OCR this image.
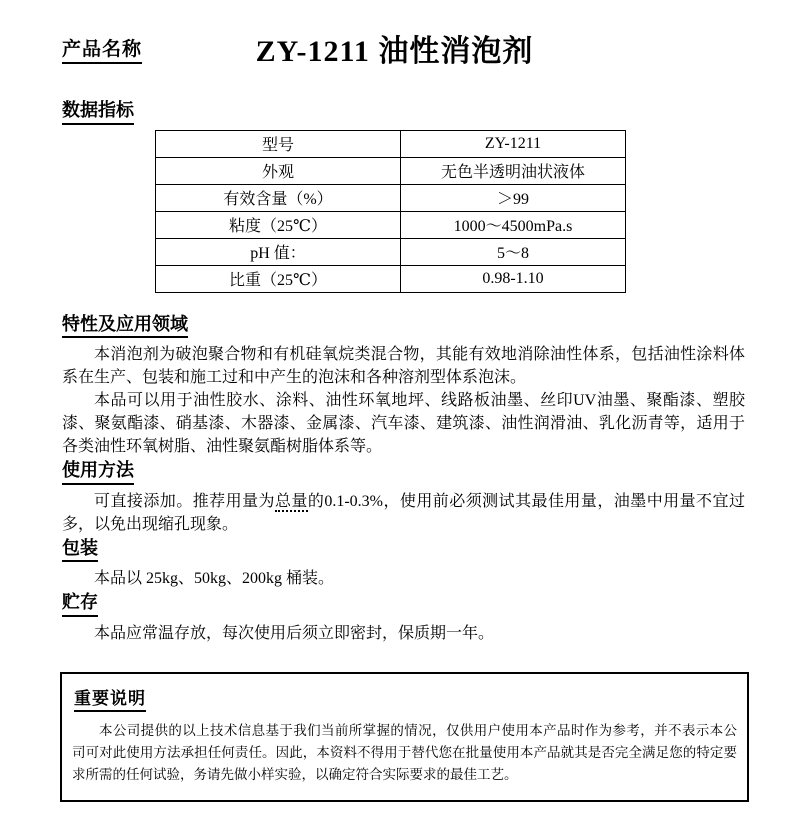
产品名称	ZY-1211 油性消泡剂
数据指标
型号	ZY-1211
外观	无色半透明油状液体
有效含量（%）	＞99
粘度（25℃）	1000～4500mPa.s
pH 值：	5～8
比重（25℃）	0.98-1.10
特性及应用领域

本消泡剂为破泡聚合物和有机硅氧烷类混合物，其能有效地消除油性体系，包括油性涂料体系在生产、包装和施工过和中产生的泡沫和各种溶剂型体系泡沫。

本品可以用于油性胶水、涂料、油性环氧地坪、线路板油墨、丝印UV油墨、聚酯漆、塑胶漆、聚氨酯漆、硝基漆、木器漆、金属漆、汽车漆、建筑漆、油性润滑油、乳化沥青等，适用于各类油性环氧树脂、油性聚氨酯树脂体系等。

使用方法

可直接添加。推荐用量为总量的0.1-0.3%，使用前必须测试其最佳用量，油墨中用量不宜过多，以免出现缩孔现象。

包装

本品以 25kg、50kg、200kg 桶装。

贮存

本品应常温存放，每次使用后须立即密封，保质期一年。

重要说明

本公司提供的以上技术信息基于我们当前所掌握的情况，仅供用户使用本产品时作为参考，并不表示本公　司可对此使用方法承担任何责任。因此，本资料不得用于替代您在批量使用本产品就其是否完全满足您的特定要求所需的任何试验，务请先做小样实验，以确定符合实际要求的最佳工艺。
